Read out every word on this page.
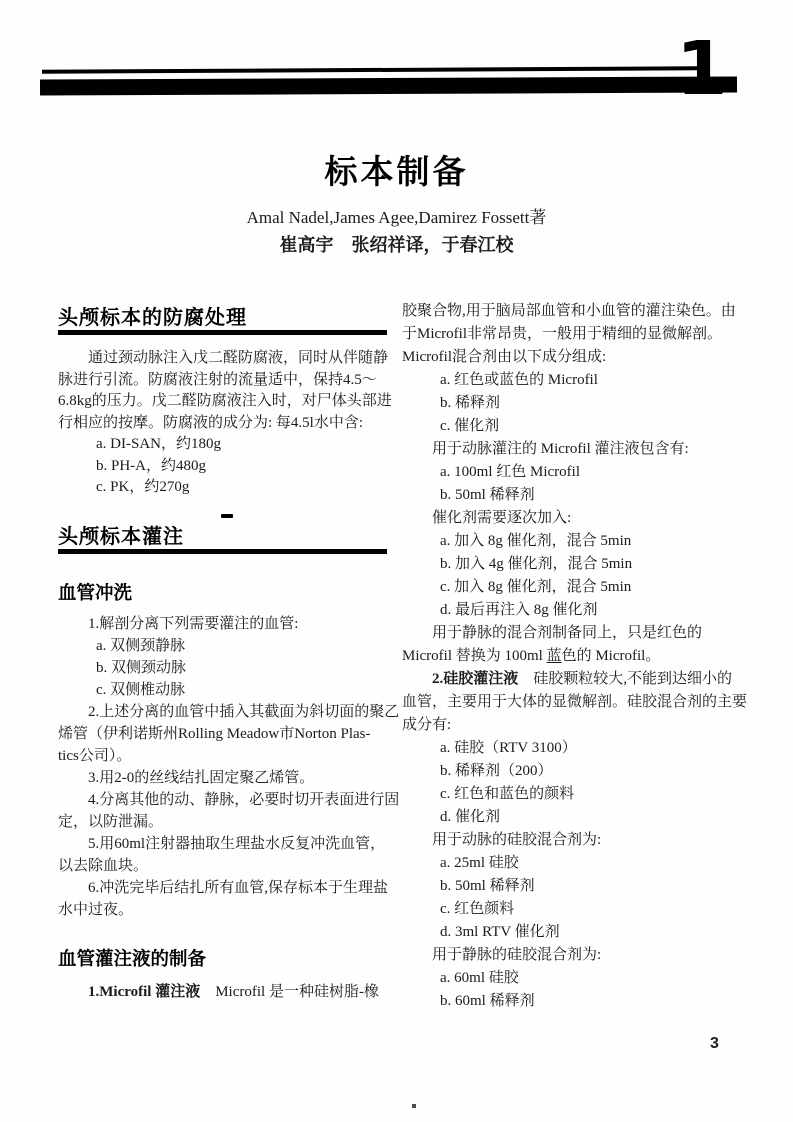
1
标本制备
Amal Nadel,James Agee,Damirez Fossett著
崔高宇　张绍祥译，于春江校
头颅标本的防腐处理
通过颈动脉注入戊二醛防腐液，同时从伴随静
脉进行引流。防腐液注射的流量适中，保持4.5～
6.8kg的压力。戊二醛防腐液注入时，对尸体头部进
行相应的按摩。防腐液的成分为: 每4.5l水中含:
a. DI-SAN，约180g
b. PH-A，约480g
c. PK，约270g
头颅标本灌注
血管冲洗
1.解剖分离下列需要灌注的血管:
a. 双侧颈静脉
b. 双侧颈动脉
c. 双侧椎动脉
2.上述分离的血管中插入其截面为斜切面的聚乙
烯管（伊利诺斯州Rolling Meadow市Norton Plas-
tics公司）。
3.用2-0的丝线结扎固定聚乙烯管。
4.分离其他的动、静脉，必要时切开表面进行固
定，以防泄漏。
5.用60ml注射器抽取生理盐水反复冲洗血管，
以去除血块。
6.冲洗完毕后结扎所有血管,保存标本于生理盐
水中过夜。
血管灌注液的制备
1.Microfil 灌注液　Microfil 是一种硅树脂-橡
胶聚合物,用于脑局部血管和小血管的灌注染色。由
于Microfil非常昂贵，一般用于精细的显微解剖。
Microfil混合剂由以下成分组成:
a. 红色或蓝色的 Microfil
b. 稀释剂
c. 催化剂
用于动脉灌注的 Microfil 灌注液包含有:
a. 100ml 红色 Microfil
b. 50ml 稀释剂
催化剂需要逐次加入:
a. 加入 8g 催化剂，混合 5min
b. 加入 4g 催化剂，混合 5min
c. 加入 8g 催化剂，混合 5min
d. 最后再注入 8g 催化剂
用于静脉的混合剂制备同上，只是红色的
Microfil 替换为 100ml 蓝色的 Microfil。
2.硅胶灌注液　硅胶颗粒较大,不能到达细小的
血管，主要用于大体的显微解剖。硅胶混合剂的主要
成分有:
a. 硅胶（RTV 3100）
b. 稀释剂（200）
c. 红色和蓝色的颜料
d. 催化剂
用于动脉的硅胶混合剂为:
a. 25ml 硅胶
b. 50ml 稀释剂
c. 红色颜料
d. 3ml RTV 催化剂
用于静脉的硅胶混合剂为:
a. 60ml 硅胶
b. 60ml 稀释剂
3
